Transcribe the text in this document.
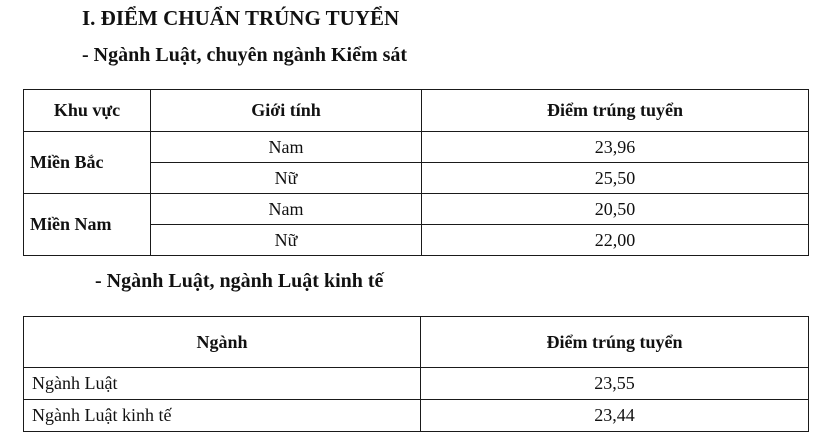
I. ĐIỂM CHUẨN TRÚNG TUYỂN
- Ngành Luật, chuyên ngành Kiểm sát
Khu vực	Giới tính	Điểm trúng tuyển
Miền Bắc	Nam	23,96
	Nữ	25,50
Miền Nam	Nam	20,50
	Nữ	22,00
- Ngành Luật, ngành Luật kinh tế
Ngành	Điểm trúng tuyển
Ngành Luật	23,55
Ngành Luật kinh tế	23,44
